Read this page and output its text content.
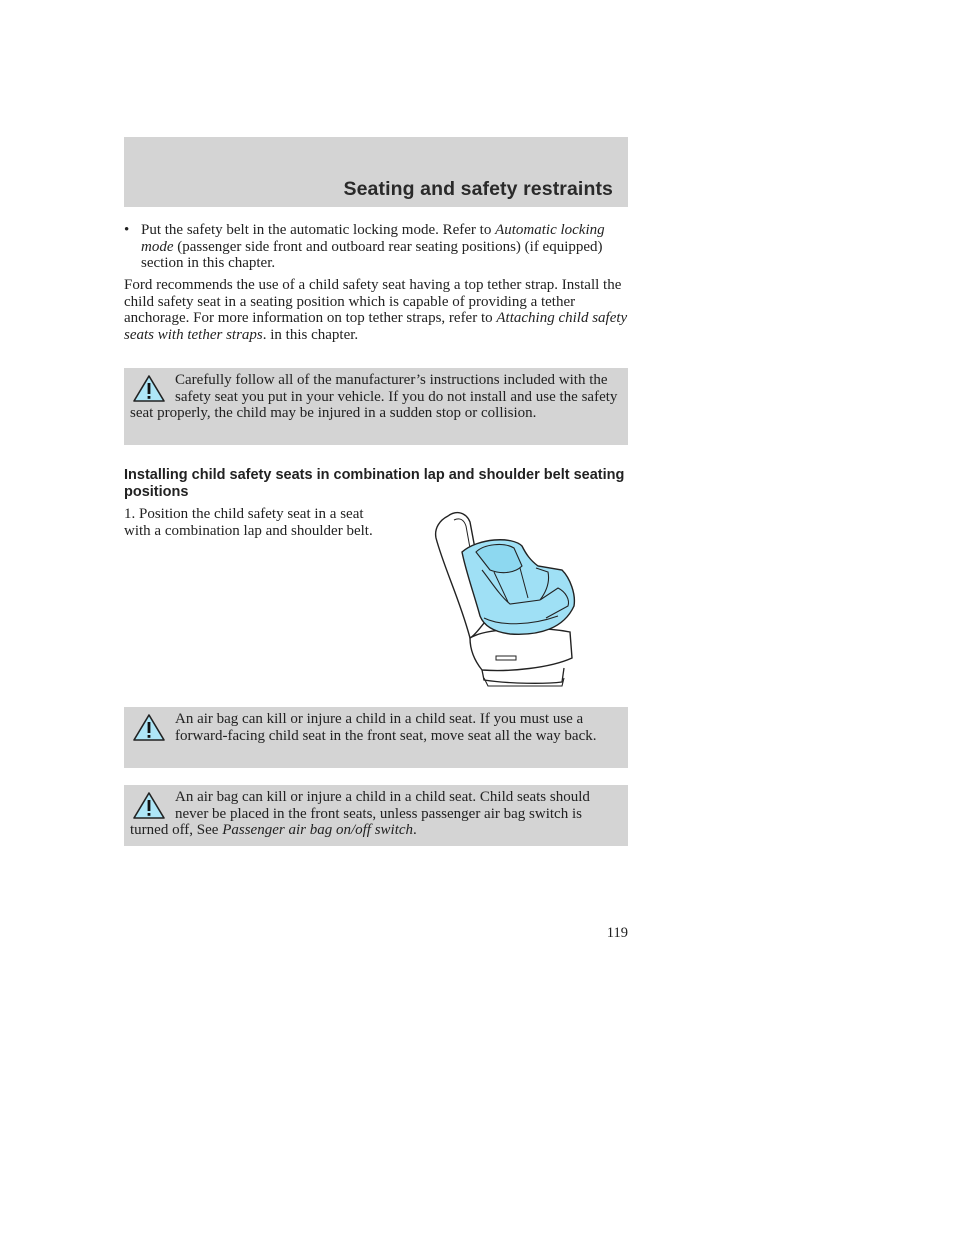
Seating and safety restraints
• Put the safety belt in the automatic locking mode. Refer to Automatic locking mode (passenger side front and outboard rear seating positions) (if equipped) section in this chapter.

Ford recommends the use of a child safety seat having a top tether strap. Install the child safety seat in a seating position which is capable of providing a tether anchorage. For more information on top tether straps, refer to Attaching child safety seats with tether straps. in this chapter.

Carefully follow all of the manufacturer’s instructions included with the safety seat you put in your vehicle. If you do not install and use the safety seat properly, the child may be injured in a sudden stop or collision.

Installing child safety seats in combination lap and shoulder belt seating positions

1. Position the child safety seat in a seat with a combination lap and shoulder belt.

An air bag can kill or injure a child in a child seat. If you must use a forward-facing child seat in the front seat, move seat all the way back.

An air bag can kill or injure a child in a child seat. Child seats should never be placed in the front seats, unless passenger air bag switch is turned off, See Passenger air bag on/off switch.

119
